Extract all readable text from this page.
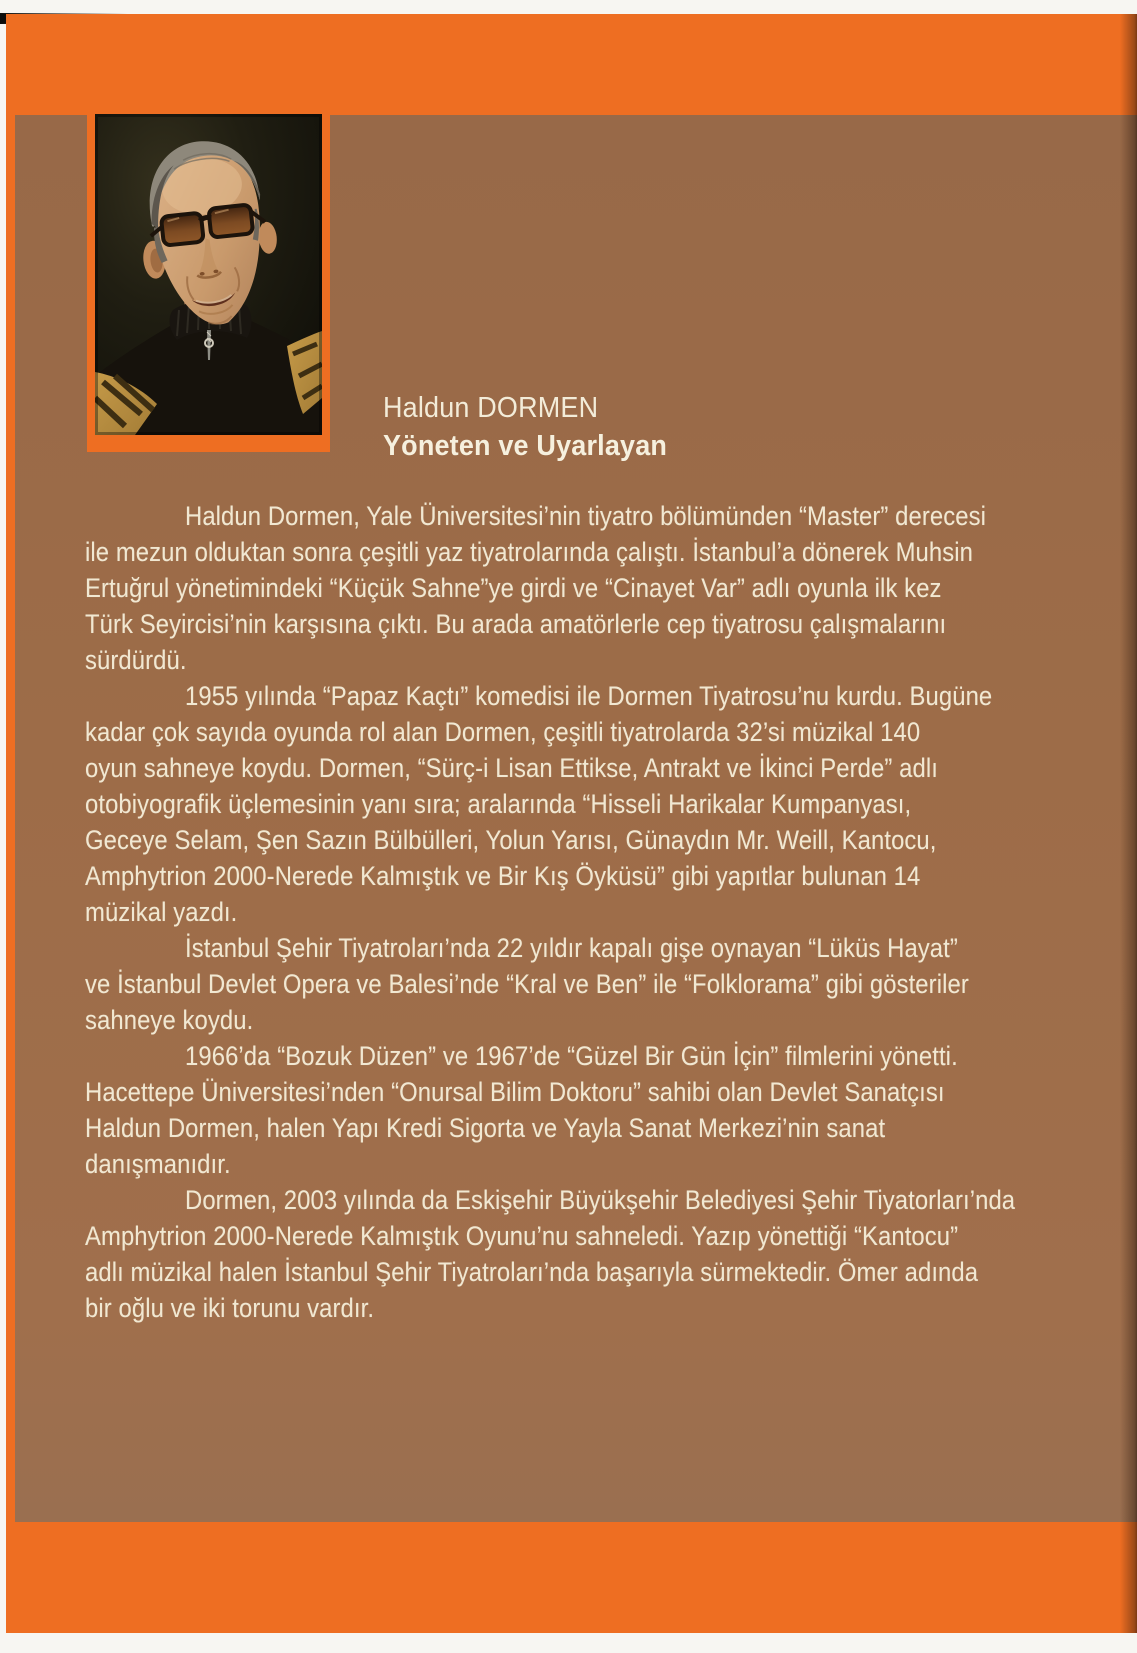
Haldun DORMEN
Yöneten ve Uyarlayan
Haldun Dormen, Yale Üniversitesi’nin tiyatro bölümünden “Master” derecesi
ile mezun olduktan sonra çeşitli yaz tiyatrolarında çalıştı. İstanbul’a dönerek Muhsin
Ertuğrul yönetimindeki “Küçük Sahne”ye girdi ve “Cinayet Var” adlı oyunla ilk kez
Türk Seyircisi’nin karşısına çıktı. Bu arada amatörlerle cep tiyatrosu çalışmalarını
sürdürdü.
1955 yılında “Papaz Kaçtı” komedisi ile Dormen Tiyatrosu’nu kurdu. Bugüne
kadar çok sayıda oyunda rol alan Dormen, çeşitli tiyatrolarda 32’si müzikal 140
oyun sahneye koydu. Dormen, “Sürç-i Lisan Ettikse, Antrakt ve İkinci Perde” adlı
otobiyografik üçlemesinin yanı sıra; aralarında “Hisseli Harikalar Kumpanyası,
Geceye Selam, Şen Sazın Bülbülleri, Yolun Yarısı, Günaydın Mr. Weill, Kantocu,
Amphytrion 2000-Nerede Kalmıştık ve Bir Kış Öyküsü” gibi yapıtlar bulunan 14
müzikal yazdı.
İstanbul Şehir Tiyatroları’nda 22 yıldır kapalı gişe oynayan “Lüküs Hayat”
ve İstanbul Devlet Opera ve Balesi’nde “Kral ve Ben” ile “Folklorama” gibi gösteriler
sahneye koydu.
1966’da “Bozuk Düzen” ve 1967’de “Güzel Bir Gün İçin” filmlerini yönetti.
Hacettepe Üniversitesi’nden “Onursal Bilim Doktoru” sahibi olan Devlet Sanatçısı
Haldun Dormen, halen Yapı Kredi Sigorta ve Yayla Sanat Merkezi’nin sanat
danışmanıdır.
Dormen, 2003 yılında da Eskişehir Büyükşehir Belediyesi Şehir Tiyatorları’nda
Amphytrion 2000-Nerede Kalmıştık Oyunu’nu sahneledi. Yazıp yönettiği “Kantocu”
adlı müzikal halen İstanbul Şehir Tiyatroları’nda başarıyla sürmektedir. Ömer adında
bir oğlu ve iki torunu vardır.
